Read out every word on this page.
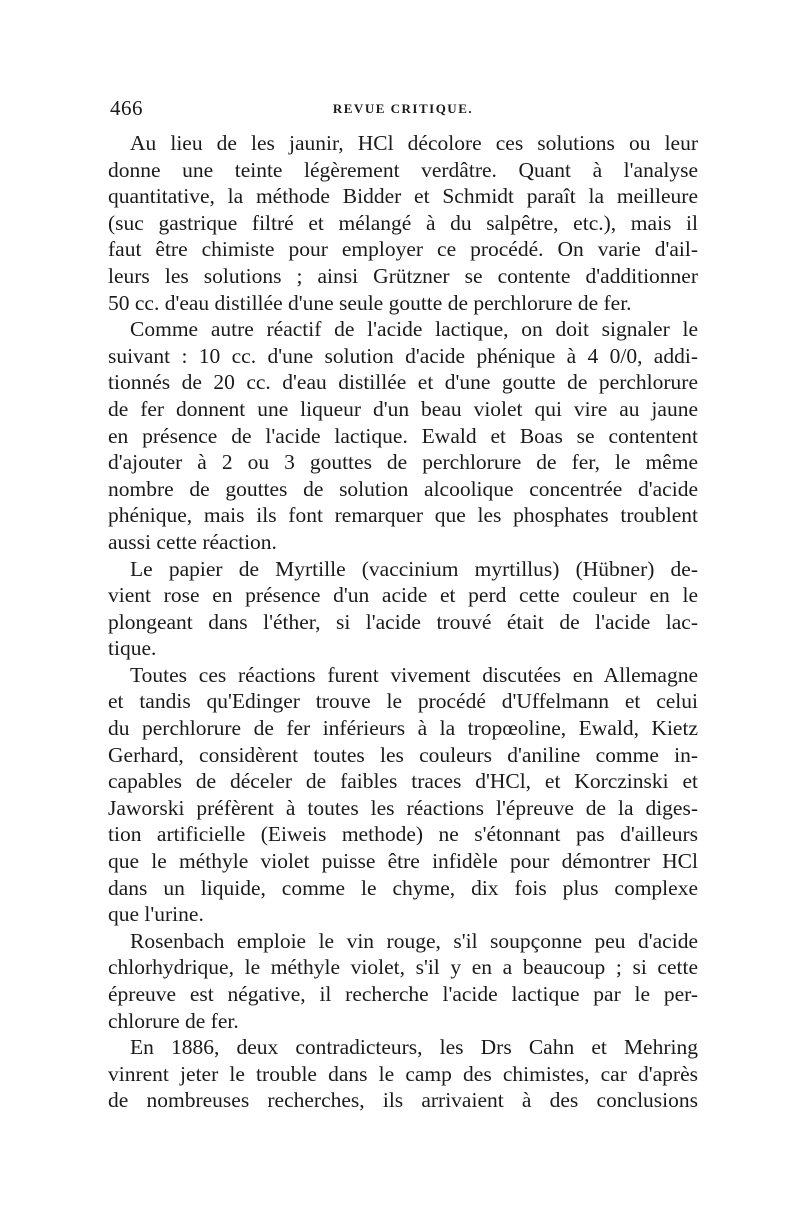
466	REVUE CRITIQUE.
Au lieu de les jaunir, HCl décolore ces solutions ou leur
donne une teinte légèrement verdâtre. Quant à l'analyse
quantitative, la méthode Bidder et Schmidt paraît la meilleure
(suc gastrique filtré et mélangé à du salpêtre, etc.), mais il
faut être chimiste pour employer ce procédé. On varie d'ail-
leurs les solutions ; ainsi Grützner se contente d'additionner
50 cc. d'eau distillée d'une seule goutte de perchlorure de fer.
Comme autre réactif de l'acide lactique, on doit signaler le
suivant : 10 cc. d'une solution d'acide phénique à 4 0/0, addi-
tionnés de 20 cc. d'eau distillée et d'une goutte de perchlorure
de fer donnent une liqueur d'un beau violet qui vire au jaune
en présence de l'acide lactique. Ewald et Boas se contentent
d'ajouter à 2 ou 3 gouttes de perchlorure de fer, le même
nombre de gouttes de solution alcoolique concentrée d'acide
phénique, mais ils font remarquer que les phosphates troublent
aussi cette réaction.
Le papier de Myrtille (vaccinium myrtillus) (Hübner) de-
vient rose en présence d'un acide et perd cette couleur en le
plongeant dans l'éther, si l'acide trouvé était de l'acide lac-
tique.
Toutes ces réactions furent vivement discutées en Allemagne
et tandis qu'Edinger trouve le procédé d'Uffelmann et celui
du perchlorure de fer inférieurs à la tropœoline, Ewald, Kietz
Gerhard, considèrent toutes les couleurs d'aniline comme in-
capables de déceler de faibles traces d'HCl, et Korczinski et
Jaworski préfèrent à toutes les réactions l'épreuve de la diges-
tion artificielle (Eiweis methode) ne s'étonnant pas d'ailleurs
que le méthyle violet puisse être infidèle pour démontrer HCl
dans un liquide, comme le chyme, dix fois plus complexe
que l'urine.
Rosenbach emploie le vin rouge, s'il soupçonne peu d'acide
chlorhydrique, le méthyle violet, s'il y en a beaucoup ; si cette
épreuve est négative, il recherche l'acide lactique par le per-
chlorure de fer.
En 1886, deux contradicteurs, les Drs Cahn et Mehring
vinrent jeter le trouble dans le camp des chimistes, car d'après
de nombreuses recherches, ils arrivaient à des conclusions
